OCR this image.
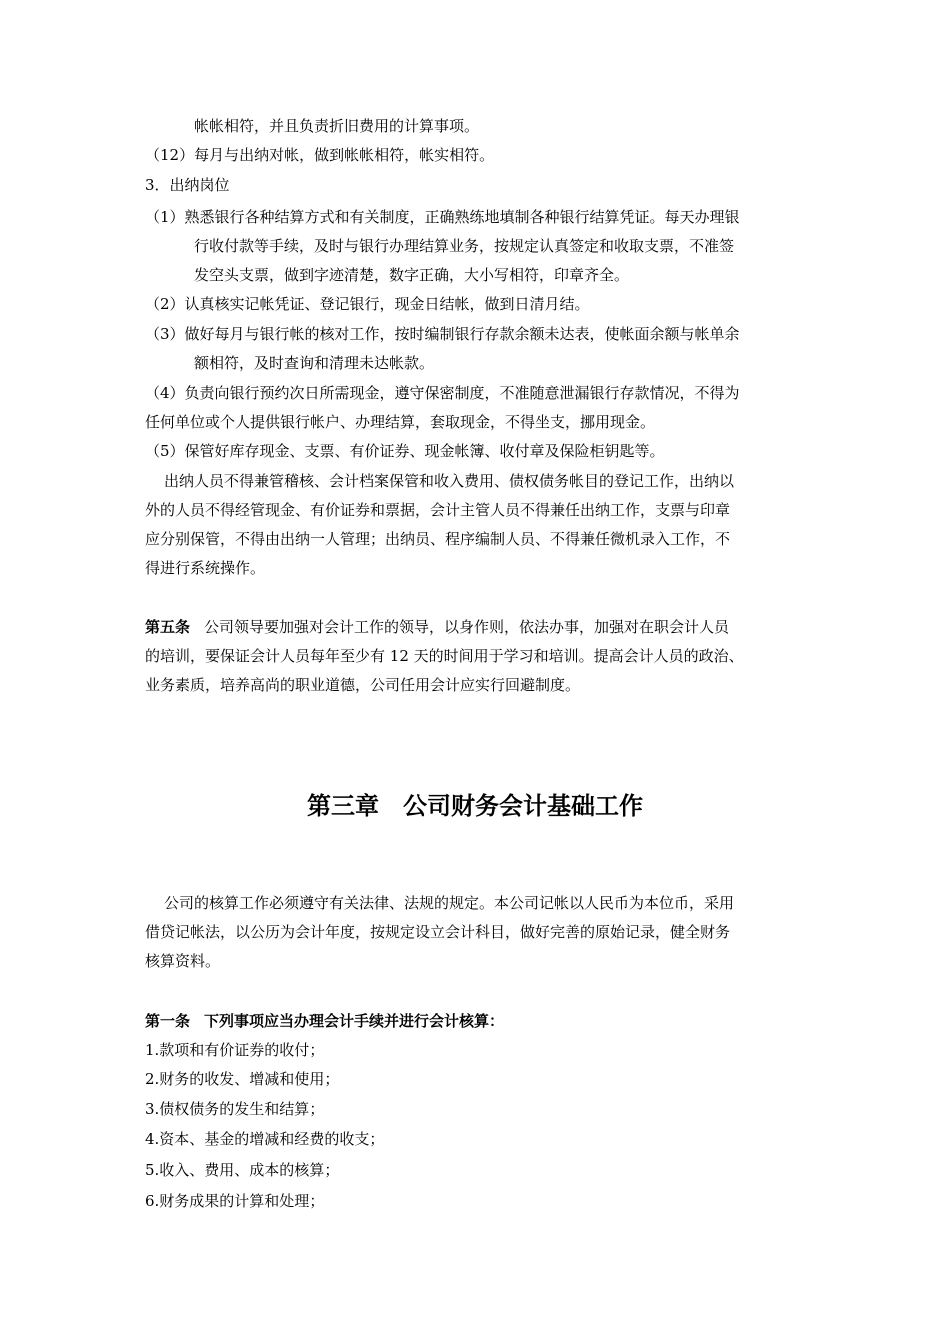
帐帐相符，并且负责折旧费用的计算事项。
（12）每月与出纳对帐，做到帐帐相符，帐实相符。
3．出纳岗位
（1）熟悉银行各种结算方式和有关制度，正确熟练地填制各种银行结算凭证。每天办理银
行收付款等手续，及时与银行办理结算业务，按规定认真签定和收取支票，不准签
发空头支票，做到字迹清楚，数字正确，大小写相符，印章齐全。
（2）认真核实记帐凭证、登记银行，现金日结帐，做到日清月结。
（3）做好每月与银行帐的核对工作，按时编制银行存款余额未达表，使帐面余额与帐单余
额相符，及时查询和清理未达帐款。
（4）负责向银行预约次日所需现金，遵守保密制度，不准随意泄漏银行存款情况，不得为
任何单位或个人提供银行帐户、办理结算，套取现金，不得坐支，挪用现金。
（5）保管好库存现金、支票、有价证券、现金帐簿、收付章及保险柜钥匙等。
出纳人员不得兼管稽核、会计档案保管和收入费用、债权债务帐目的登记工作，出纳以
外的人员不得经管现金、有价证券和票据，会计主管人员不得兼任出纳工作，支票与印章
应分别保管，不得由出纳一人管理；出纳员、程序编制人员、不得兼任微机录入工作，不
得进行系统操作。
第五条 公司领导要加强对会计工作的领导，以身作则，依法办事，加强对在职会计人员
的培训，要保证会计人员每年至少有 12 天的时间用于学习和培训。提高会计人员的政治、
业务素质，培养高尚的职业道德，公司任用会计应实行回避制度。
第三章 公司财务会计基础工作
公司的核算工作必须遵守有关法律、法规的规定。本公司记帐以人民币为本位币，采用
借贷记帐法，以公历为会计年度，按规定设立会计科目，做好完善的原始记录，健全财务
核算资料。
第一条 下列事项应当办理会计手续并进行会计核算：
1.款项和有价证券的收付；
2.财务的收发、增减和使用；
3.债权债务的发生和结算；
4.资本、基金的增减和经费的收支；
5.收入、费用、成本的核算；
6.财务成果的计算和处理；
